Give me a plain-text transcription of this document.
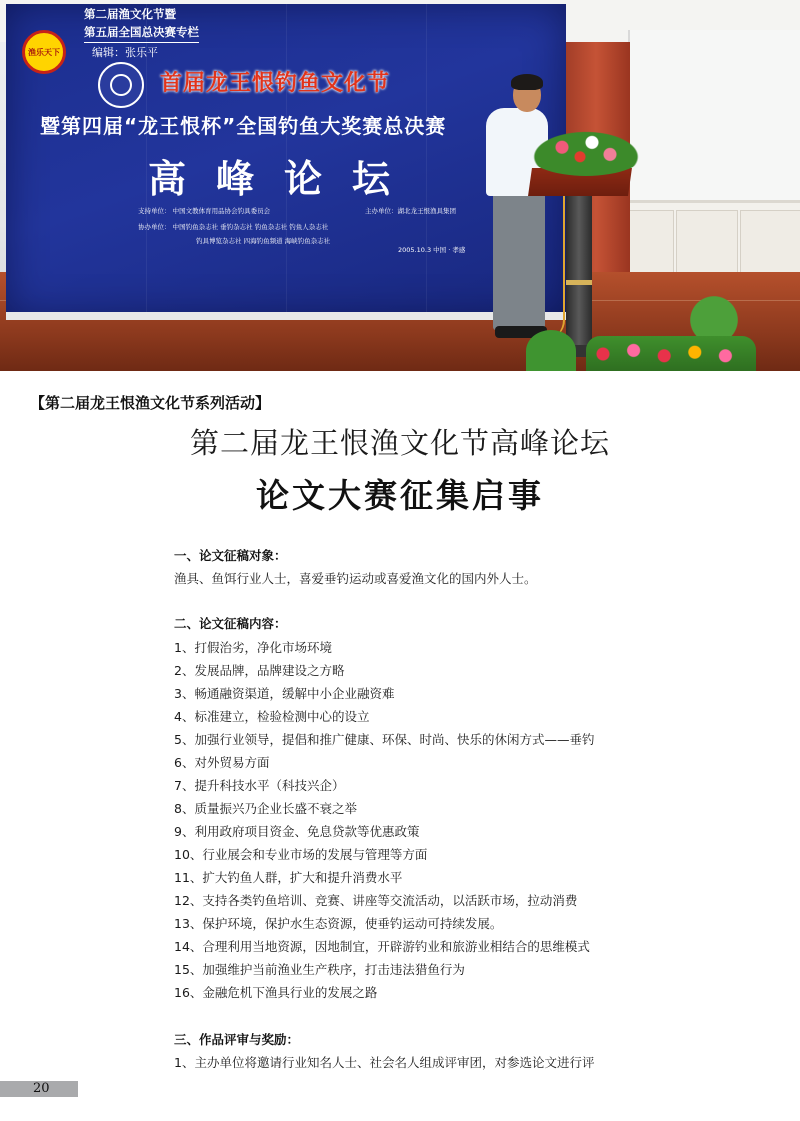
渔乐天下
第二届渔文化节暨
第五届全国总决赛专栏
编辑：张乐平
首届龙王恨钓鱼文化节
暨第四届“龙王恨杯”全国钓鱼大奖赛总决赛
高峰论坛
支持单位： 中国文教体育用品协会钓具委员会	主办单位：湖北龙王恨渔具集团
协办单位： 中国钓鱼杂志社 垂钓杂志社 钓鱼杂志社 钓鱼人杂志社
钓具博览杂志社 四海钓鱼频道 海峡钓鱼杂志社
2005.10.3 中国 · 孝感
【第二届龙王恨渔文化节系列活动】
第二届龙王恨渔文化节高峰论坛
论文大赛征集启事
一、论文征稿对象：
渔具、鱼饵行业人士，喜爱垂钓运动或喜爱渔文化的国内外人士。
二、论文征稿内容：
1、打假治劣，净化市场环境
2、发展品牌，品牌建设之方略
3、畅通融资渠道，缓解中小企业融资难
4、标准建立，检验检测中心的设立
5、加强行业领导，提倡和推广健康、环保、时尚、快乐的休闲方式——垂钓
6、对外贸易方面
7、提升科技水平（科技兴企）
8、质量振兴乃企业长盛不衰之举
9、利用政府项目资金、免息贷款等优惠政策
10、行业展会和专业市场的发展与管理等方面
11、扩大钓鱼人群，扩大和提升消费水平
12、支持各类钓鱼培训、竞赛、讲座等交流活动，以活跃市场，拉动消费
13、保护环境，保护水生态资源，使垂钓运动可持续发展。
14、合理利用当地资源，因地制宜，开辟游钓业和旅游业相结合的思维模式
15、加强维护当前渔业生产秩序，打击违法猎鱼行为
16、金融危机下渔具行业的发展之路
三、作品评审与奖励：
1、主办单位将邀请行业知名人士、社会名人组成评审团，对参选论文进行评
20
